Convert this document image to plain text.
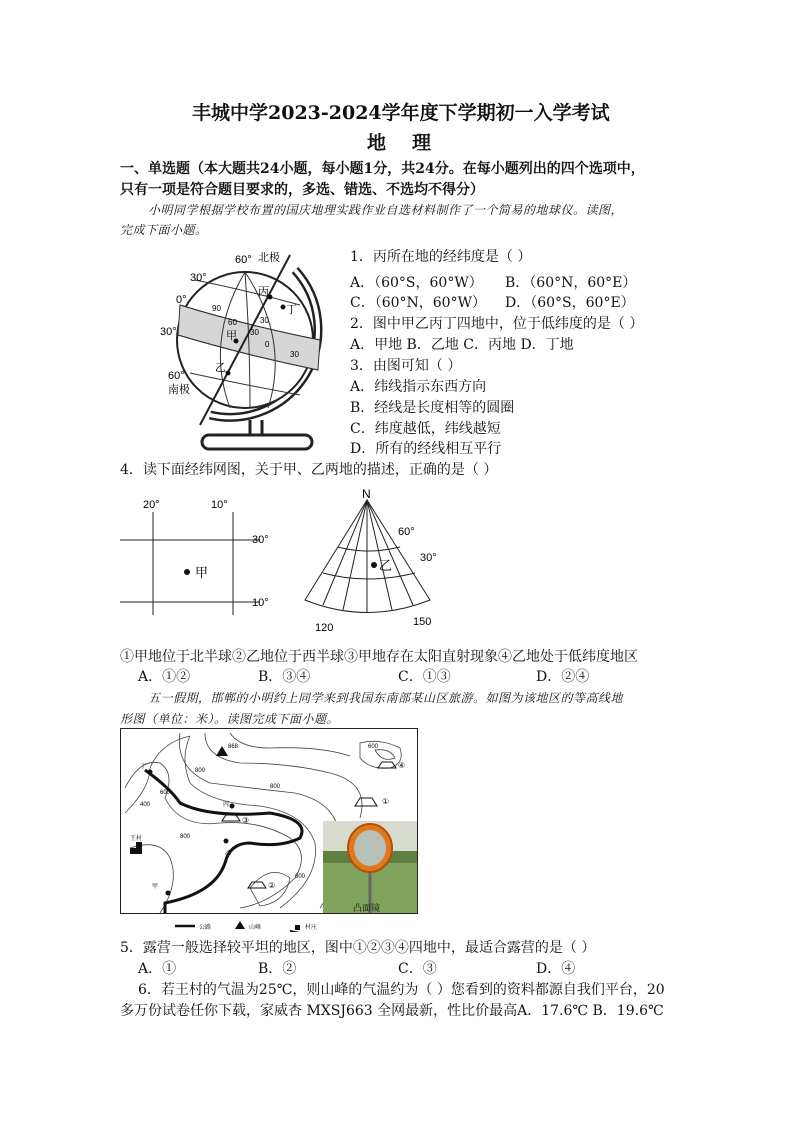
丰城中学2023-2024学年度下学期初一入学考试
地理
一、单选题（本大题共24小题，每小题1分，共24分。在每小题列出的四个选项中，
只有一项是符合题目要求的，多选、错选、不选均不得分）
小明同学根据学校布置的国庆地理实践作业自选材料制作了一个简易的地球仪。读图，
完成下面小题。
60° 北极
30°
0°
30°
60°
南极
丙
丁
甲
乙
90
60
30
0
30
30
1．丙所在地的经纬度是（ ）
A．（60°S，60°W） B．（60°N，60°E）
C．（60°N，60°W） D．（60°S，60°E）
2．图中甲乙丙丁四地中，位于低纬度的是（ ）
A．甲地 B．乙地 C．丙地 D．丁地
3．由图可知（ ）
A．纬线指示东西方向
B．经线是长度相等的圆圈
C．纬度越低，纬线越短
D．所有的经线相互平行
4．读下面经纬网图，关于甲、乙两地的描述，正确的是（ ）
20°	10°
30°
10°
甲
N
60°
30°
120	150
乙
①甲地位于北半球②乙地位于西半球③甲地存在太阳直射现象④乙地处于低纬度地区
A．①②	B．③④	C．①③	D．②④
五一假期，邯郸的小明约上同学来到我国东南部某山区旅游。如图为该地区的等高线地
形图（单位：米）。读图完成下面小题。
868	600
800
800
600
400
800
600
①
②
③
④
王村
丁
丙
乙
甲
凸面镜
公路	山峰	村庄
5．露营一般选择较平坦的地区，图中①②③④四地中，最适合露营的是（ ）
A．①	B．②	C．③	D．④
6．若王村的气温为25℃，则山峰的气温约为（ ）您看到的资料都源自我们平台，20
多万份试卷任你下载，家威杏 MXSJ663 全网最新，性比价最高A．17.6℃ B．19.6℃
